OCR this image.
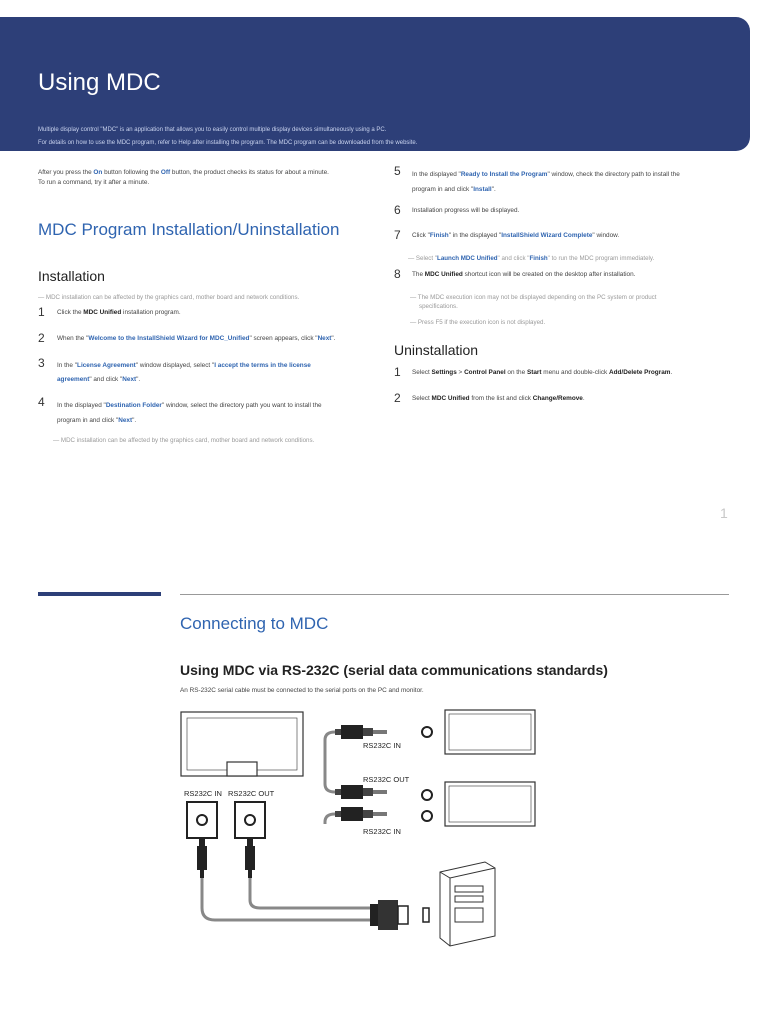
Using MDC
Multiple display control "MDC" is an application that allows you to easily control multiple display devices simultaneously using a PC.
For details on how to use the MDC program, refer to Help after installing the program. The MDC program can be downloaded from the website.
After you press the On button following the Off button, the product checks its status for about a minute.
To run a command, try it after a minute.
MDC Program Installation/Uninstallation
Installation
— MDC installation can be affected by the graphics card, mother board and network conditions.
1 Click the MDC Unified installation program.
2 When the "Welcome to the InstallShield Wizard for MDC_Unified" screen appears, click "Next".
3 In the "License Agreement" window displayed, select "I accept the terms in the license
agreement" and click "Next".
4 In the displayed "Destination Folder" window, select the directory path you want to install the
program in and click "Next".
— MDC installation can be affected by the graphics card, mother board and network conditions.
5 In the displayed "Ready to Install the Program" window, check the directory path to install the
program in and click "Install".
6 Installation progress will be displayed.
7 Click "Finish" in the displayed "InstallShield Wizard Complete" window.
— Select "Launch MDC Unified" and click "Finish" to run the MDC program immediately.
8 The MDC Unified shortcut icon will be created on the desktop after installation.
— The MDC execution icon may not be displayed depending on the PC system or product
specifications.
— Press F5 if the execution icon is not displayed.
Uninstallation
1 Select Settings > Control Panel on the Start menu and double-click Add/Delete Program.
2 Select MDC Unified from the list and click Change/Remove.
1
Connecting to MDC
Using MDC via RS-232C (serial data communications standards)
An RS-232C serial cable must be connected to the serial ports on the PC and monitor.
RS232C IN RS232C OUT
RS232C IN
RS232C OUT
RS232C IN
